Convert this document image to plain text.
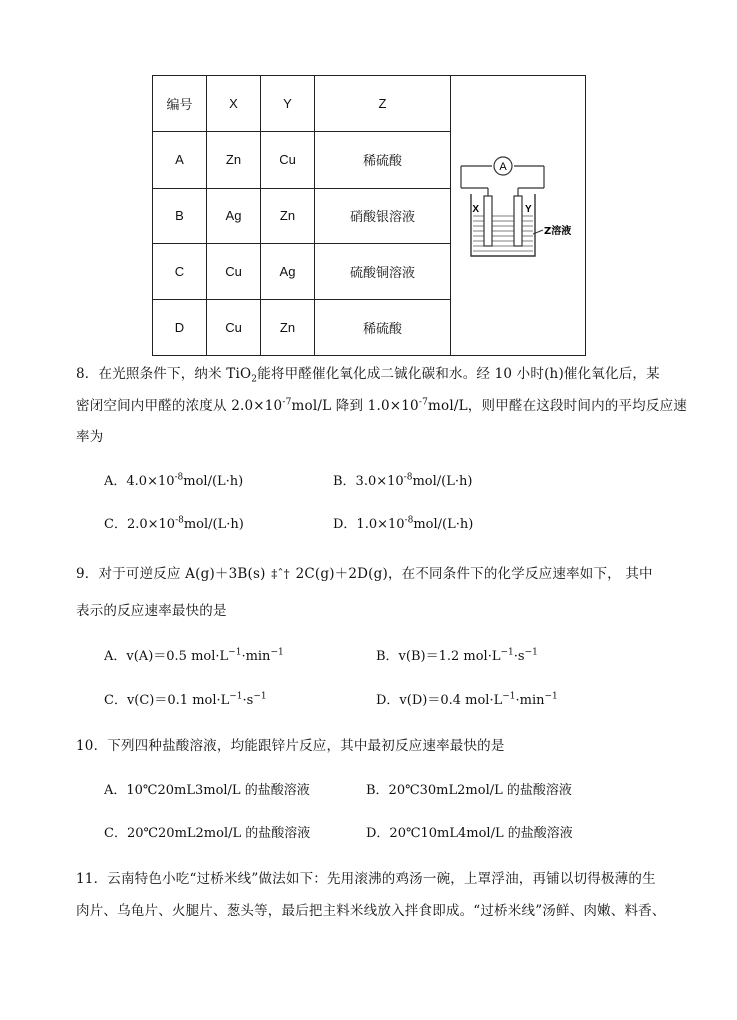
编号	X	Y	Z	A
X Y
Z溶液

A	Zn	Cu	稀硫酸	
B	Ag	Zn	硝酸银溶液	
C	Cu	Ag	硫酸铜溶液	
D	Cu	Zn	稀硫酸	
8．在光照条件下，纳米 TiO$_2$能将甲醛催化氧化成二铖化碳和水。经 10 小时(h)催化氧化后，某
密闭空间内甲醛的浓度从 $2.0\times 10^{-7}mol/L$ 降到 $1.0\times 10^{-7}mol/L$，则甲醛在这段时间内的平均反应速
率为
A．$4.0\times 10^{-8}mol/(L\cdot h)$	B．$3.0\times 10^{-8}mol/(L\cdot h)$
C．$2.0\times 10^{-8}mol/(L\cdot h)$	D．$1.0\times 10^{-8}mol/(L\cdot h)$
9．对于可逆反应 A(g)＋3B(s) ‡ˆ† 2C(g)＋2D(g)，在不同条件下的化学反应速率如下， 其中
表示的反应速率最快的是
A．v(A)＝0.5 $mol\cdot L^{-1}\cdot\min^{-1}$	B．v(B)＝1.2 $mol\cdot L^{-1}\cdot s^{-1}$
C．v(C)＝0.1 $mol\cdot L^{-1}\cdot s^{-1}$	D．v(D)＝0.4 $mol\cdot L^{-1}\cdot\min^{-1}$
10．下列四种盐酸溶液，均能跟锌片反应，其中最初反应速率最快的是
A．10℃20mL3mol/L 的盐酸溶液	B．20℃30mL2mol/L 的盐酸溶液
C．20℃20mL2mol/L 的盐酸溶液	D．20℃10mL4mol/L 的盐酸溶液
11．云南特色小吃“过桥米线”做法如下：先用滚沸的鸡汤一碗，上罩浮油，再铺以切得极薄的生
肉片、乌龟片、火腿片、葱头等，最后把主料米线放入拌食即成。“过桥米线”汤鲜、肉嫩、料香、
